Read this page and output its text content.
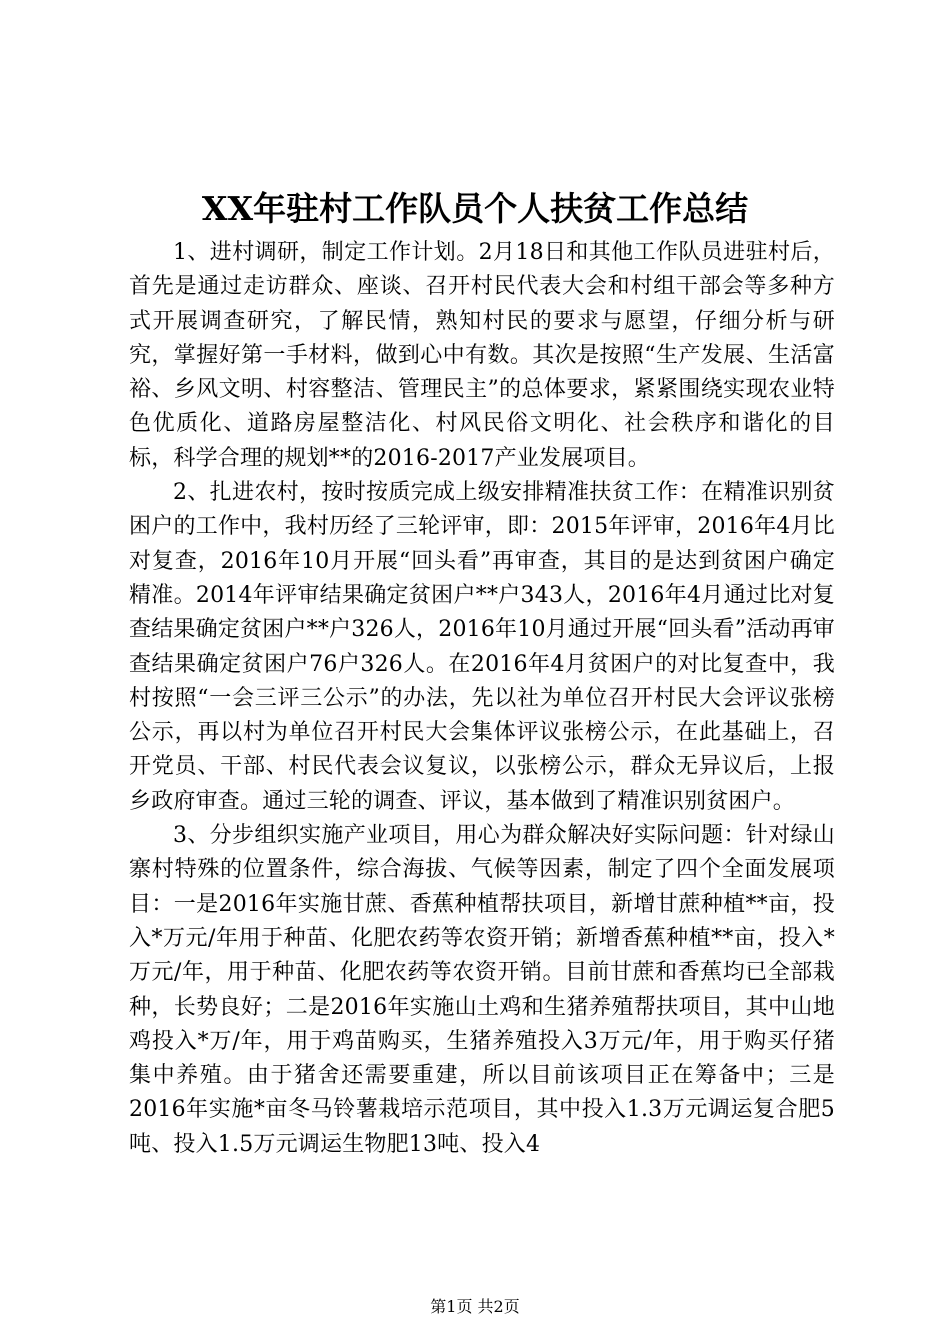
XX年驻村工作队员个人扶贫工作总结

1、进村调研，制定工作计划。2月18日和其他工作队员进驻村后，首先是通过走访群众、座谈、召开村民代表大会和村组干部会等多种方式开展调查研究，了解民情，熟知村民的要求与愿望，仔细分析与研究，掌握好第一手材料，做到心中有数。其次是按照“生产发展、生活富裕、乡风文明、村容整洁、管理民主”的总体要求，紧紧围绕实现农业特色优质化、道路房屋整洁化、村风民俗文明化、社会秩序和谐化的目标，科学合理的规划**的2016-2017产业发展项目。

2、扎进农村，按时按质完成上级安排精准扶贫工作：在精准识别贫困户的工作中，我村历经了三轮评审，即：2015年评审，2016年4月比对复查，2016年10月开展“回头看”再审查，其目的是达到贫困户确定精准。2014年评审结果确定贫困户**户343人，2016年4月通过比对复查结果确定贫困户**户326人，2016年10月通过开展“回头看”活动再审查结果确定贫困户76户326人。在2016年4月贫困户的对比复查中，我村按照“一会三评三公示”的办法，先以社为单位召开村民大会评议张榜公示，再以村为单位召开村民大会集体评议张榜公示，在此基础上，召开党员、干部、村民代表会议复议，以张榜公示，群众无异议后，上报乡政府审查。通过三轮的调查、评议，基本做到了精准识别贫困户。

3、分步组织实施产业项目，用心为群众解决好实际问题：针对绿山寨村特殊的位置条件，综合海拔、气候等因素，制定了四个全面发展项目：一是2016年实施甘蔗、香蕉种植帮扶项目，新增甘蔗种植**亩，投入*万元/年用于种苗、化肥农药等农资开销；新增香蕉种植**亩，投入*万元/年，用于种苗、化肥农药等农资开销。目前甘蔗和香蕉均已全部栽种，长势良好；二是2016年实施山土鸡和生猪养殖帮扶项目，其中山地鸡投入*万/年，用于鸡苗购买，生猪养殖投入3万元/年，用于购买仔猪集中养殖。由于猪舍还需要重建，所以目前该项目正在筹备中；三是2016年实施*亩冬马铃薯栽培示范项目，其中投入1.3万元调运复合肥5吨、投入1.5万元调运生物肥13吨、投入4

第1页 共2页
